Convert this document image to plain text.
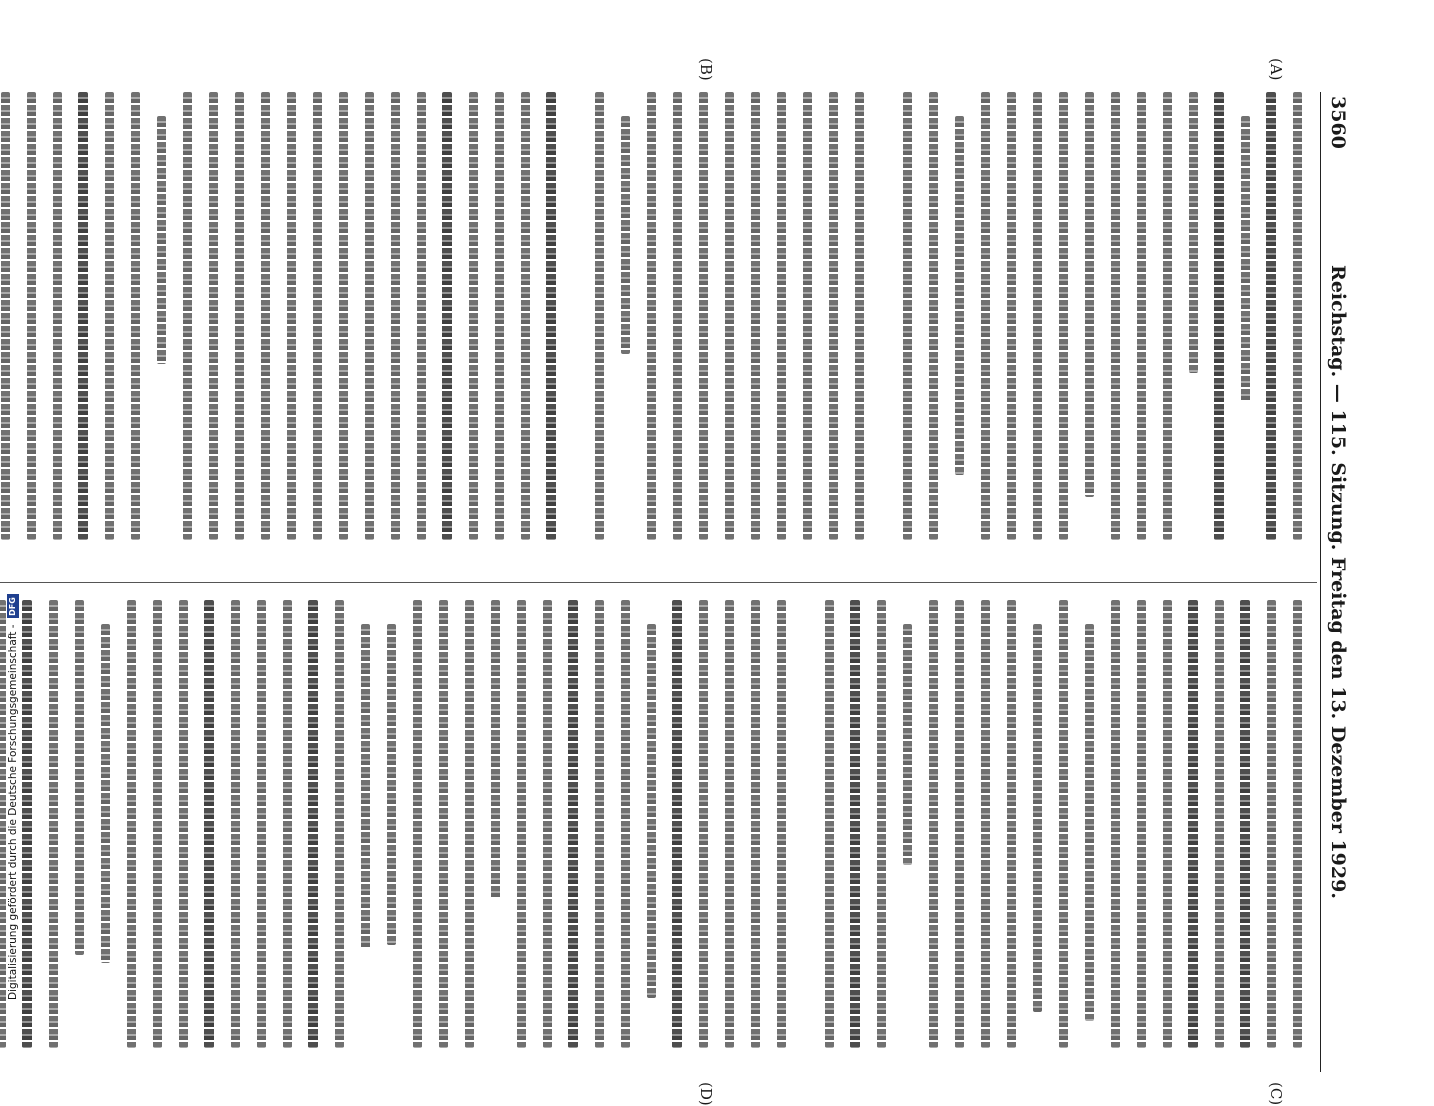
3560
Reichstag. — 115. Sitzung. Freitag den 13. Dezember 1929.
(A)
(B)
(C)
(D)
Digitalisierung gefördert durch die Deutsche Forschungsgemeinschaft -
DFG
